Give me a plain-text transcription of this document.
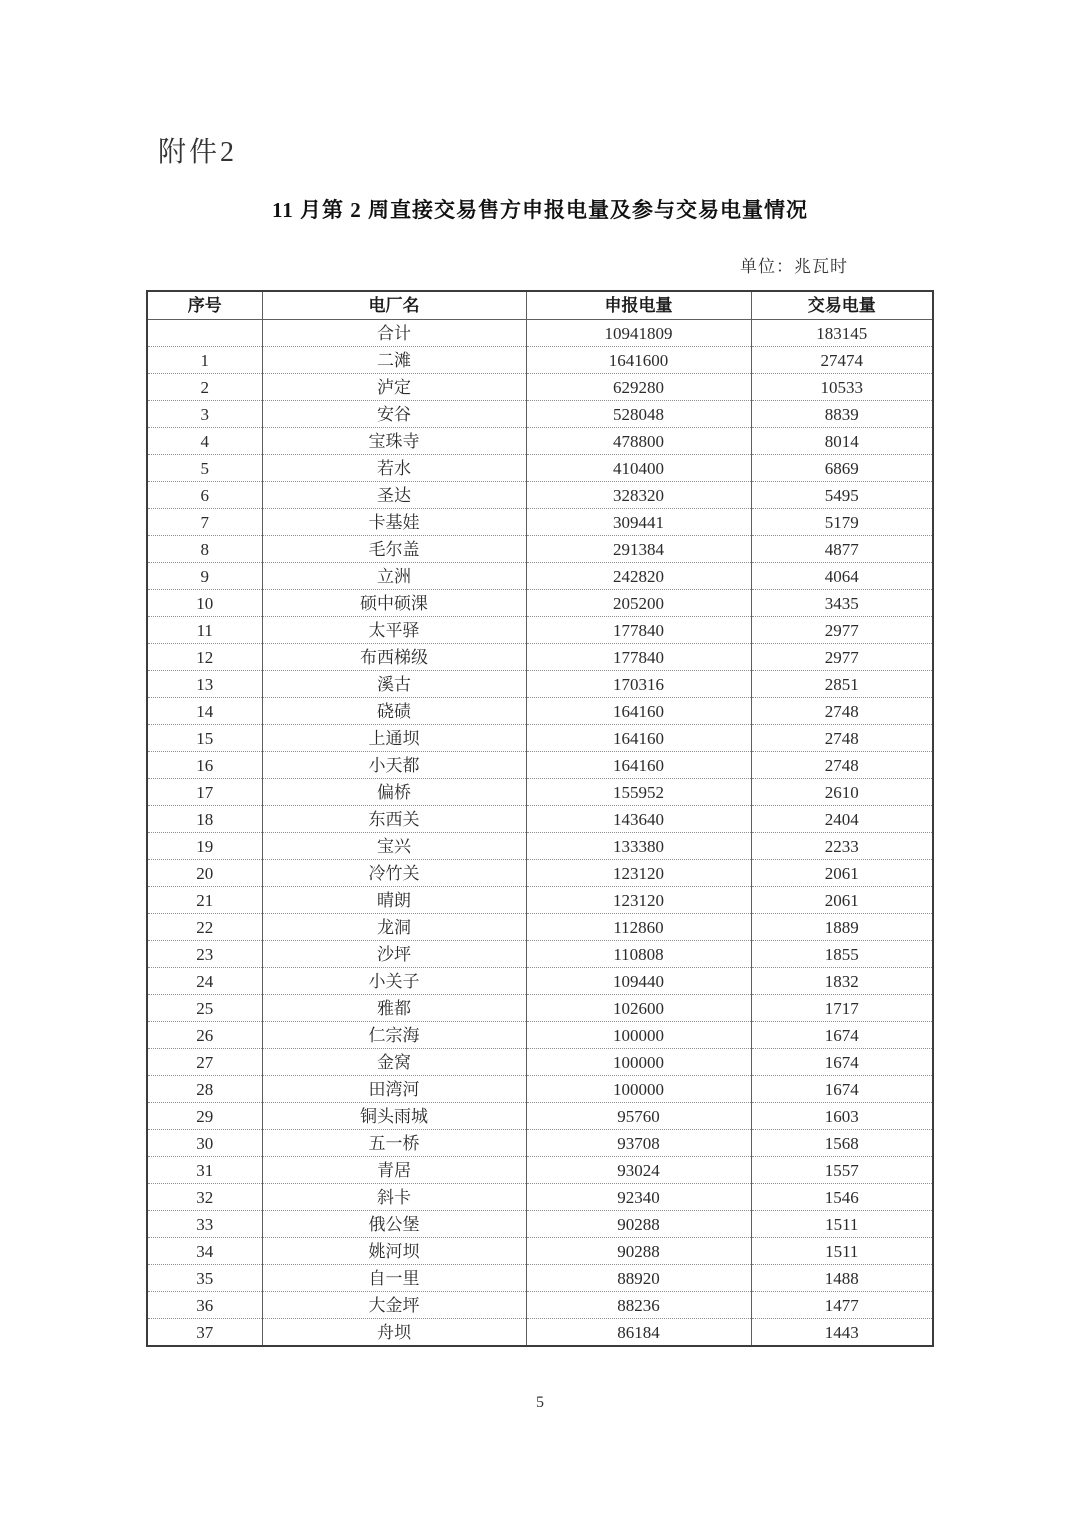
附件2
11 月第 2 周直接交易售方申报电量及参与交易电量情况
单位：兆瓦时
序号	电厂名	申报电量	交易电量
	合计	10941809	183145
1	二滩	1641600	27474
2	泸定	629280	10533
3	安谷	528048	8839
4	宝珠寺	478800	8014
5	若水	410400	6869
6	圣达	328320	5495
7	卡基娃	309441	5179
8	毛尔盖	291384	4877
9	立洲	242820	4064
10	硕中硕淉	205200	3435
11	太平驿	177840	2977
12	布西梯级	177840	2977
13	溪古	170316	2851
14	硗碛	164160	2748
15	上通坝	164160	2748
16	小天都	164160	2748
17	偏桥	155952	2610
18	东西关	143640	2404
19	宝兴	133380	2233
20	冷竹关	123120	2061
21	晴朗	123120	2061
22	龙洞	112860	1889
23	沙坪	110808	1855
24	小关子	109440	1832
25	雅都	102600	1717
26	仁宗海	100000	1674
27	金窝	100000	1674
28	田湾河	100000	1674
29	铜头雨城	95760	1603
30	五一桥	93708	1568
31	青居	93024	1557
32	斜卡	92340	1546
33	俄公堡	90288	1511
34	姚河坝	90288	1511
35	自一里	88920	1488
36	大金坪	88236	1477
37	舟坝	86184	1443
5
